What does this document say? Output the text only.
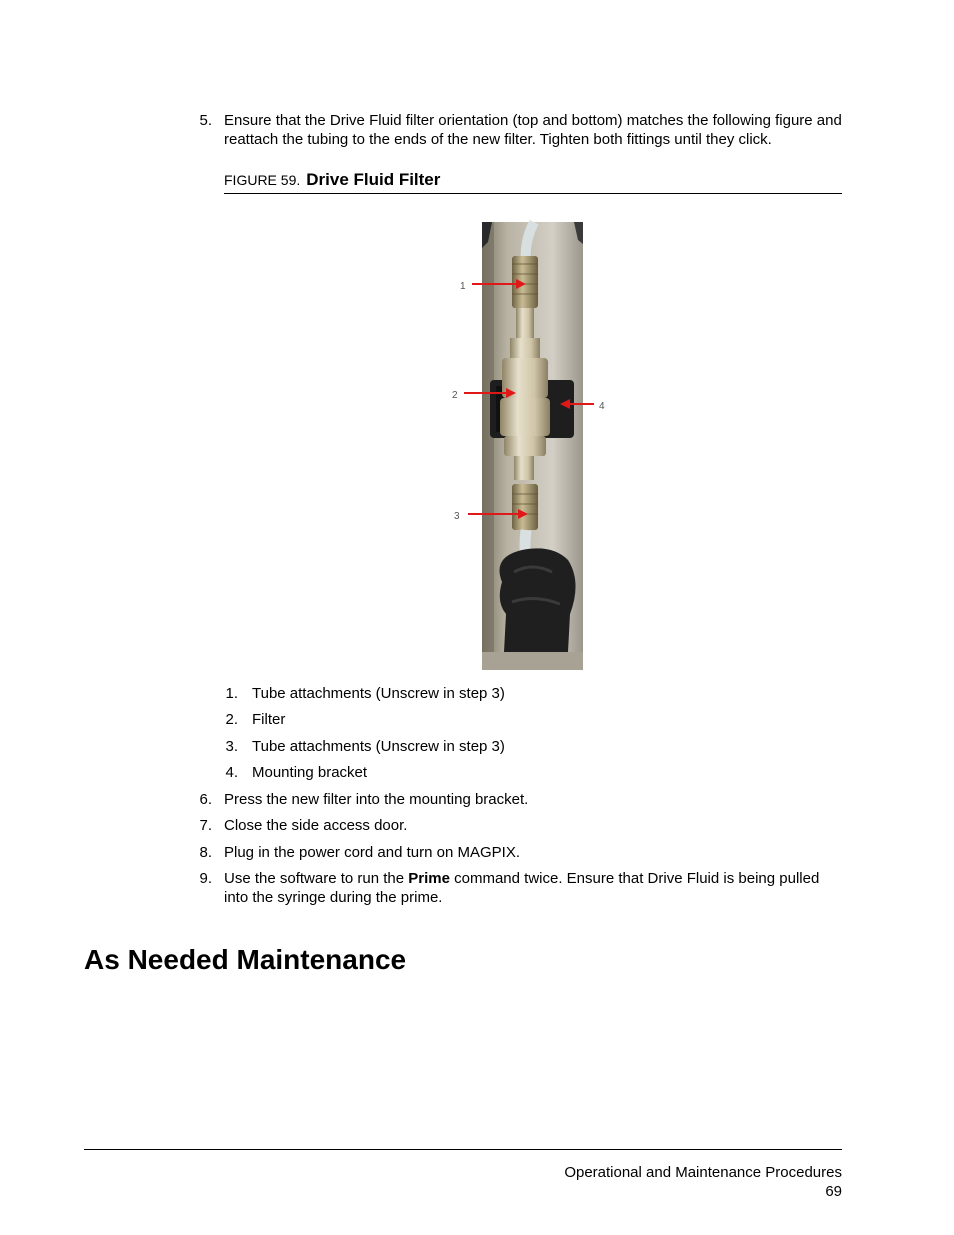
5. Ensure that the Drive Fluid filter orientation (top and bottom) matches the following figure and reattach the tubing to the ends of the new filter. Tighten both fittings until they click.
FIGURE 59. Drive Fluid Filter
1
2
3
4
1. Tube attachments (Unscrew in step 3)
2. Filter
3. Tube attachments (Unscrew in step 3)
4. Mounting bracket
6. Press the new filter into the mounting bracket.
7. Close the side access door.
8. Plug in the power cord and turn on MAGPIX.
9. Use the software to run the Prime command twice. Ensure that Drive Fluid is being pulled into the syringe during the prime.
As Needed Maintenance
Operational and Maintenance Procedures
69
